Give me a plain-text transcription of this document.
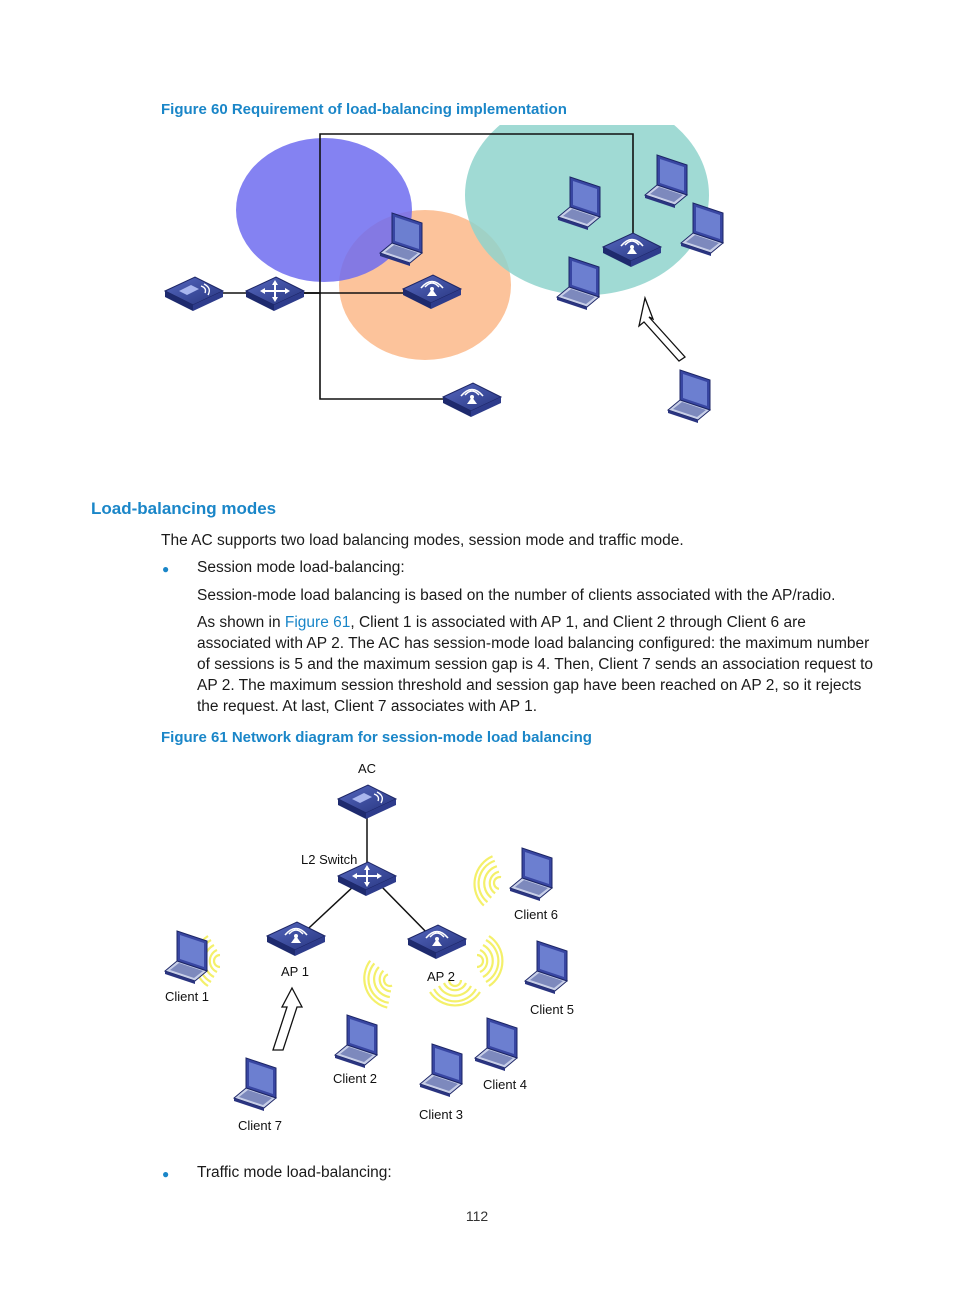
Figure 60 Requirement of load-balancing implementation
Load-balancing modes
The AC supports two load balancing modes, session mode and traffic mode.
● Session mode load-balancing:
Session-mode load balancing is based on the number of clients associated with the AP/radio.
As shown in Figure 61, Client 1 is associated with AP 1, and Client 2 through Client 6 are
associated with AP 2. The AC has session-mode load balancing configured: the maximum number
of sessions is 5 and the maximum session gap is 4. Then, Client 7 sends an association request to
AP 2. The maximum session threshold and session gap have been reached on AP 2, so it rejects
the request. At last, Client 7 associates with AP 1.
Figure 61 Network diagram for session-mode load balancing
AC
L2 Switch
AP 1	AP 2
Client 1
Client 2
Client 3
Client 4
Client 5
Client 6
Client 7
● Traffic mode load-balancing:
112
